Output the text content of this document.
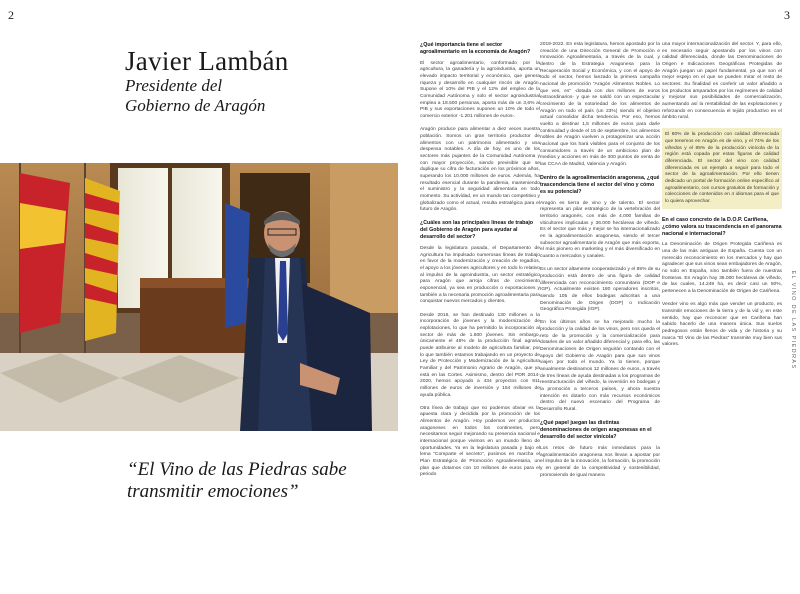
2	3
EL VINO DE LAS PIEDRAS
Javier Lambán
Presidente del
Gobierno de Aragón
“El Vino de las Piedras sabe transmitir emociones”
¿Qué importancia tiene el sector agroalimentario en la economía de Aragón?

El sector agroalimentario, conformado por la agricultura, la ganadería y la agroindustria, aporta un elevado impacto territorial y económico, que genera riqueza y desarrollo en cualquier rincón de Aragón. Supone el 10% del PIB y el 12% del empleo de la Comunidad Autónoma y solo el sector agroindustrial emplea a 18.500 personas, aporta más de un 3,6% al PIB y sus exportaciones suponen un 10% de todo el comercio exterior -1.201 millones de euros-.

Aragón produce para alimentar a diez veces nuestra población. Somos un gran territorio productor de alimentos con un patrimonio alimentario y una despensa notables. A día de hoy, es uno de los sectores más pujantes de la Comunidad Autónoma y con mayor proyección, siendo previsible que se duplique su cifra de facturación en los próximos años, superando los 10.000 millones de euros. Además, ha resultado esencial durante la pandemia, manteniendo el suministro y la seguridad alimentaria en todo momento. Su actividad, en un mundo tan competitivo y globalizado como el actual, resulta estratégica para el futuro de Aragón.

¿Cuáles son las principales líneas de trabajo del Gobierno de Aragón para ayudar al desarrollo del sector?

Desde la legislatura pasada, el Departamento de Agricultura ha impulsado numerosas líneas de trabajo en favor de la modernización y creación de regadíos, el apoyo a los jóvenes agricultores y en todo lo relativo al impulso de la agroindustria, un sector estratégico para Aragón que arroja cifras de crecimiento exponencial, ya sea en producción o exportaciones y también a la necesaria promoción agroalimentaria para conquistar nuevos mercados y clientes.

Desde 2016, se han destinado 130 millones a la incorporación de jóvenes y la modernización de explotaciones, lo que ha permitido la incorporación al sector de más de 1.600 jóvenes. Sin embargo, únicamente el 46% de la producción final agraria puede atribuirse al modelo de agricultura familiar, por lo que también estamos trabajando en un proyecto de Ley de Protección y Modernización de la Agricultura Familiar y del Patrimonio Agrario de Aragón, que ya está en las Cortes. Asimismo, dentro del PDR 2014-2020, hemos apoyado a 434 proyectos con 911 millones de euros de inversión y 154 millones de ayuda pública.

Otra línea de trabajo que no podemos obviar es la apuesta clara y decidida por la promoción de los Alimentos de Aragón. Hoy podemos ver productos aragoneses en todos los continentes, pero necesitamos seguir mejorando su presencia nacional e internacional porque vivimos en un mundo lleno de oportunidades. Ya en la legislatura pasada y bajo el lema “Comparte el secreto”, pusimos en marcha el Plan Estratégico de Promoción Agroalimentaria, un plan que dotamos con 10 millones de euros para el periodo

2019-2022. En esta legislatura, hemos apostado por la creación de una Dirección General de Promoción e Innovación Agroalimentaria, a través de la cual, y dentro de la Estrategia Aragonesa para la Recuperación Social y Económica, y con el apoyo de todo el sector, hemos lanzado la primera campaña nacional de promoción “Aragón Alimentos Nobles. Lo que ves, es” -dotada con dos millones de euros extraordinarios- y que se saldó con un espectacular crecimiento de la notoriedad de los alimentos de Aragón en todo el país (un 23%) siendo el objetivo actual consolidar dicha tendencia. Por eso, hemos vuelto a destinar 1,5 millones de euros para darle continuidad y desde el 15 de septiembre, los alimentos nobles de Aragón vuelven a protagonizar una acción nacional que los hará visibles para el conjunto de los consumidores a través de un ambicioso plan de medios y acciones en más de 300 puntos de venta de las CCAA de Madrid, Valencia y Aragón.

Dentro de la agroalimentación aragonesa, ¿qué trascendencia tiene el sector del vino y cómo es su potencial?

Aragón es tierra de vino y de talento. El sector representa un pilar estratégico de la vertebración del territorio aragonés, con más de 4.000 familias de viticultores implicadas y 36.000 hectáreas de viñedo. Es el sector que más y mejor se ha internacionalizado en la agroalimentación aragonesa, siendo el tercer subsector agroalimentario de Aragón que más exporta, el más pionero en marketing y el más diversificado en cuanto a mercados y canales.

Es un sector altamente cooperativizado y el 85% de su producción está dentro de una figura de calidad diferenciada con reconocimiento comunitario (DOP e IGP). Actualmente existen 180 operadores inscritos, siendo 105 de ellos bodegas adscritas a una Denominación de Origen (DOP) o Indicación Geográfica Protegida (IGP).

En los últimos años se ha mejorado mucho la producción y la calidad de los vinos, pero nos queda el reto de la promoción y la comercialización para dotarles de un valor añadido diferencial y, para ello, las Denominaciones de Origen seguirán contando con el apoyo del Gobierno de Aragón para que sus vinos viajen por todo el mundo. Ya lo tienen, porque anualmente destinamos 12 millones de euros, a través de tres líneas de ayuda destinadas a los programas de reestructuración del viñedo, la inversión en bodegas y la promoción a terceros países, y ahora nuestra intención es dotarlo con más recursos económicos dentro del nuevo escenario del Programa de Desarrollo Rural.

¿Qué papel juegan las distintas denominaciones de origen aragonesas en el desarrollo del sector vinícola?

Los retos de futuro más inmediatos para la agroalimentación aragonesa nos llevan a apostar por el impulso de la innovación, la formación, la promoción y en general de la competitividad y sostenibilidad, promoviendo de igual manera

una mayor internacionalización del sector. Y, para ello, es necesario seguir apostando por los vinos con calidad diferenciada, donde las Denominaciones de Origen e Indicaciones Geográficas Protegidas de Aragón juegan un papel fundamental, ya que son el mejor espejo en el que se pueden mirar el resto de sectores. Su finalidad es conferir un valor añadido a los productos amparados por los regímenes de calidad y mejorar sus posibilidades de comercialización, aumentando así la rentabilidad de las explotaciones y reforzando en consecuencia el tejido productivo en el ámbito rural.

El 80% de la producción con calidad diferenciada que tenemos en Aragón es de vino, y el 74% de los viñedos y el 85% de la producción vinícola de la región está copada por estas figuras de calidad diferenciada. El sector del vino con calidad diferenciada es un ejemplo a seguir para todo el sector de la agroalimentación. Por ello tienen dedicado un portal de formación online específico al agroalimentario, con cursos gratuitos de formación y colecciones de contenidos en 4 idiomas para el que lo quiera aprovechar.

En el caso concreto de la D.O.P. Cariñena, ¿cómo valora su trascendencia en el panorama nacional e internacional?

La Denominación de Origen Protegida Cariñena es una de las más antiguas de España. Cuenta con un merecido reconocimiento en los mercados y hay que agradecer que sus vinos sean embajadores de Aragón, no solo en España, sino también fuera de nuestras fronteras. En Aragón hay 36.000 hectáreas de viñedo, de las cuales, 14.249 ha, es decir casi un 50%, pertenecen a la Denominación de Origen de Cariñena.

Vender vino es algo más que vender un producto, es transmitir emociones de la tierra y de la vid y, en este sentido, hay que reconocer que en Cariñena han sabido hacerlo de una manera única. Sus suelos pedregosos están llenos de vida y de historia y su marca “El Vino de las Piedras” transmite muy bien sus valores.
